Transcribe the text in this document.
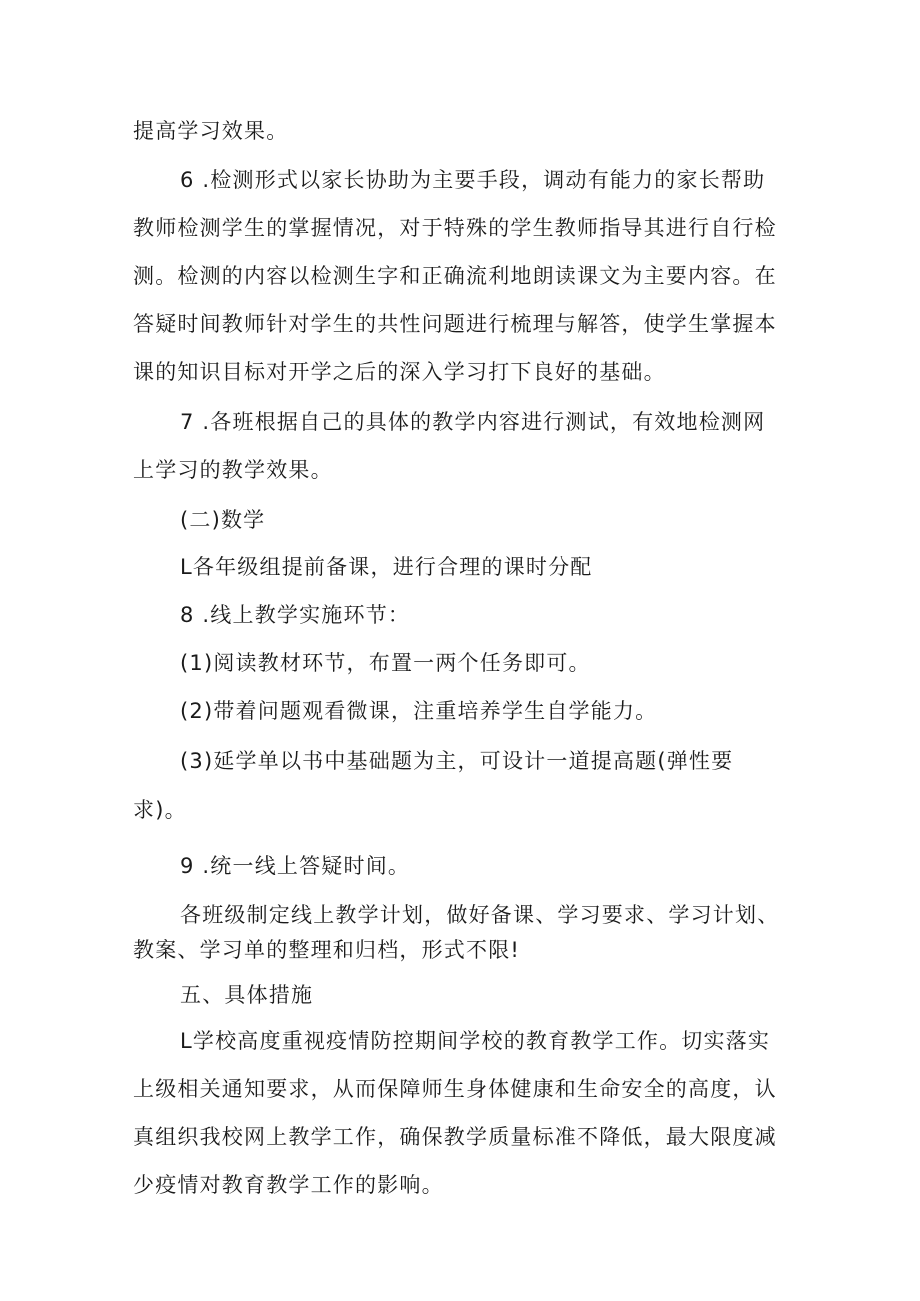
提高学习效果。
6 .检测形式以家长协助为主要手段，调动有能力的家长帮助
教师检测学生的掌握情况，对于特殊的学生教师指导其进行自行检
测。检测的内容以检测生字和正确流利地朗读课文为主要内容。在
答疑时间教师针对学生的共性问题进行梳理与解答，使学生掌握本
课的知识目标对开学之后的深入学习打下良好的基础。
7 .各班根据自己的具体的教学内容进行测试，有效地检测网
上学习的教学效果。
(二)数学
L各年级组提前备课，进行合理的课时分配
8 .线上教学实施环节：
(1)阅读教材环节，布置一两个任务即可。
(2)带着问题观看微课，注重培养学生自学能力。
(3)延学单以书中基础题为主，可设计一道提高题(弹性要
求)。
9 .统一线上答疑时间。
各班级制定线上教学计划，做好备课、学习要求、学习计划、
教案、学习单的整理和归档，形式不限!
五、具体措施
L学校高度重视疫情防控期间学校的教育教学工作。切实落实
上级相关通知要求，从而保障师生身体健康和生命安全的高度，认
真组织我校网上教学工作，确保教学质量标准不降低，最大限度减
少疫情对教育教学工作的影响。
